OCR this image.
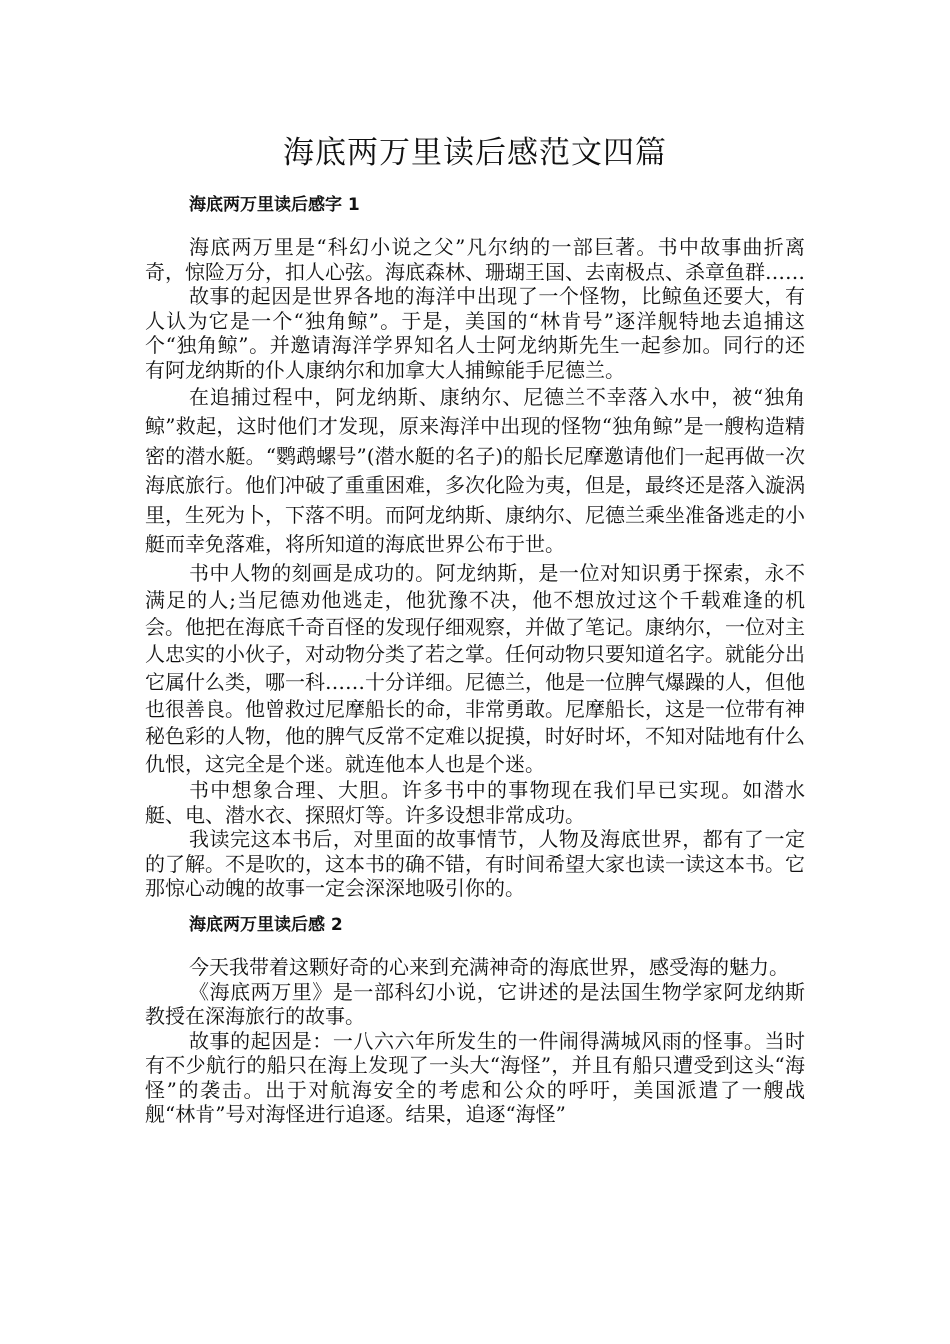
海底两万里读后感范文四篇
海底两万里读后感字 1

海底两万里是“科幻小说之父”凡尔纳的一部巨著。书中故事曲折离奇，惊险万分，扣人心弦。海底森林、珊瑚王国、去南极点、杀章鱼群……

故事的起因是世界各地的海洋中出现了一个怪物，比鲸鱼还要大，有人认为它是一个“独角鲸”。于是，美国的“林肯号”逐洋舰特地去追捕这个“独角鲸”。并邀请海洋学界知名人士阿龙纳斯先生一起参加。同行的还有阿龙纳斯的仆人康纳尔和加拿大人捕鲸能手尼德兰。

在追捕过程中，阿龙纳斯、康纳尔、尼德兰不幸落入水中，被“独角鲸”救起，这时他们才发现，原来海洋中出现的怪物“独角鲸”是一艘构造精密的潜水艇。“鹦鹉螺号”(潜水艇的名子)的船长尼摩邀请他们一起再做一次海底旅行。他们冲破了重重困难，多次化险为夷，但是，最终还是落入漩涡里，生死为卜，下落不明。而阿龙纳斯、康纳尔、尼德兰乘坐准备逃走的小艇而幸免落难，将所知道的海底世界公布于世。

书中人物的刻画是成功的。阿龙纳斯，是一位对知识勇于探索，永不满足的人;当尼德劝他逃走，他犹豫不决，他不想放过这个千载难逢的机会。他把在海底千奇百怪的发现仔细观察，并做了笔记。康纳尔，一位对主人忠实的小伙子，对动物分类了若之掌。任何动物只要知道名字。就能分出它属什么类，哪一科……十分详细。尼德兰，他是一位脾气爆躁的人，但他也很善良。他曾救过尼摩船长的命，非常勇敢。尼摩船长，这是一位带有神秘色彩的人物，他的脾气反常不定难以捉摸，时好时坏，不知对陆地有什么仇恨，这完全是个迷。就连他本人也是个迷。

书中想象合理、大胆。许多书中的事物现在我们早已实现。如潜水艇、电、潜水衣、探照灯等。许多设想非常成功。

我读完这本书后，对里面的故事情节，人物及海底世界，都有了一定的了解。不是吹的，这本书的确不错，有时间希望大家也读一读这本书。它那惊心动魄的故事一定会深深地吸引你的。

海底两万里读后感 2

今天我带着这颗好奇的心来到充满神奇的海底世界，感受海的魅力。

《海底两万里》是一部科幻小说，它讲述的是法国生物学家阿龙纳斯教授在深海旅行的故事。

故事的起因是：一八六六年所发生的一件闹得满城风雨的怪事。当时有不少航行的船只在海上发现了一头大“海怪”，并且有船只遭受到这头“海怪”的袭击。出于对航海安全的考虑和公众的呼吁，美国派遣了一艘战舰“林肯”号对海怪进行追逐。结果，追逐“海怪”
